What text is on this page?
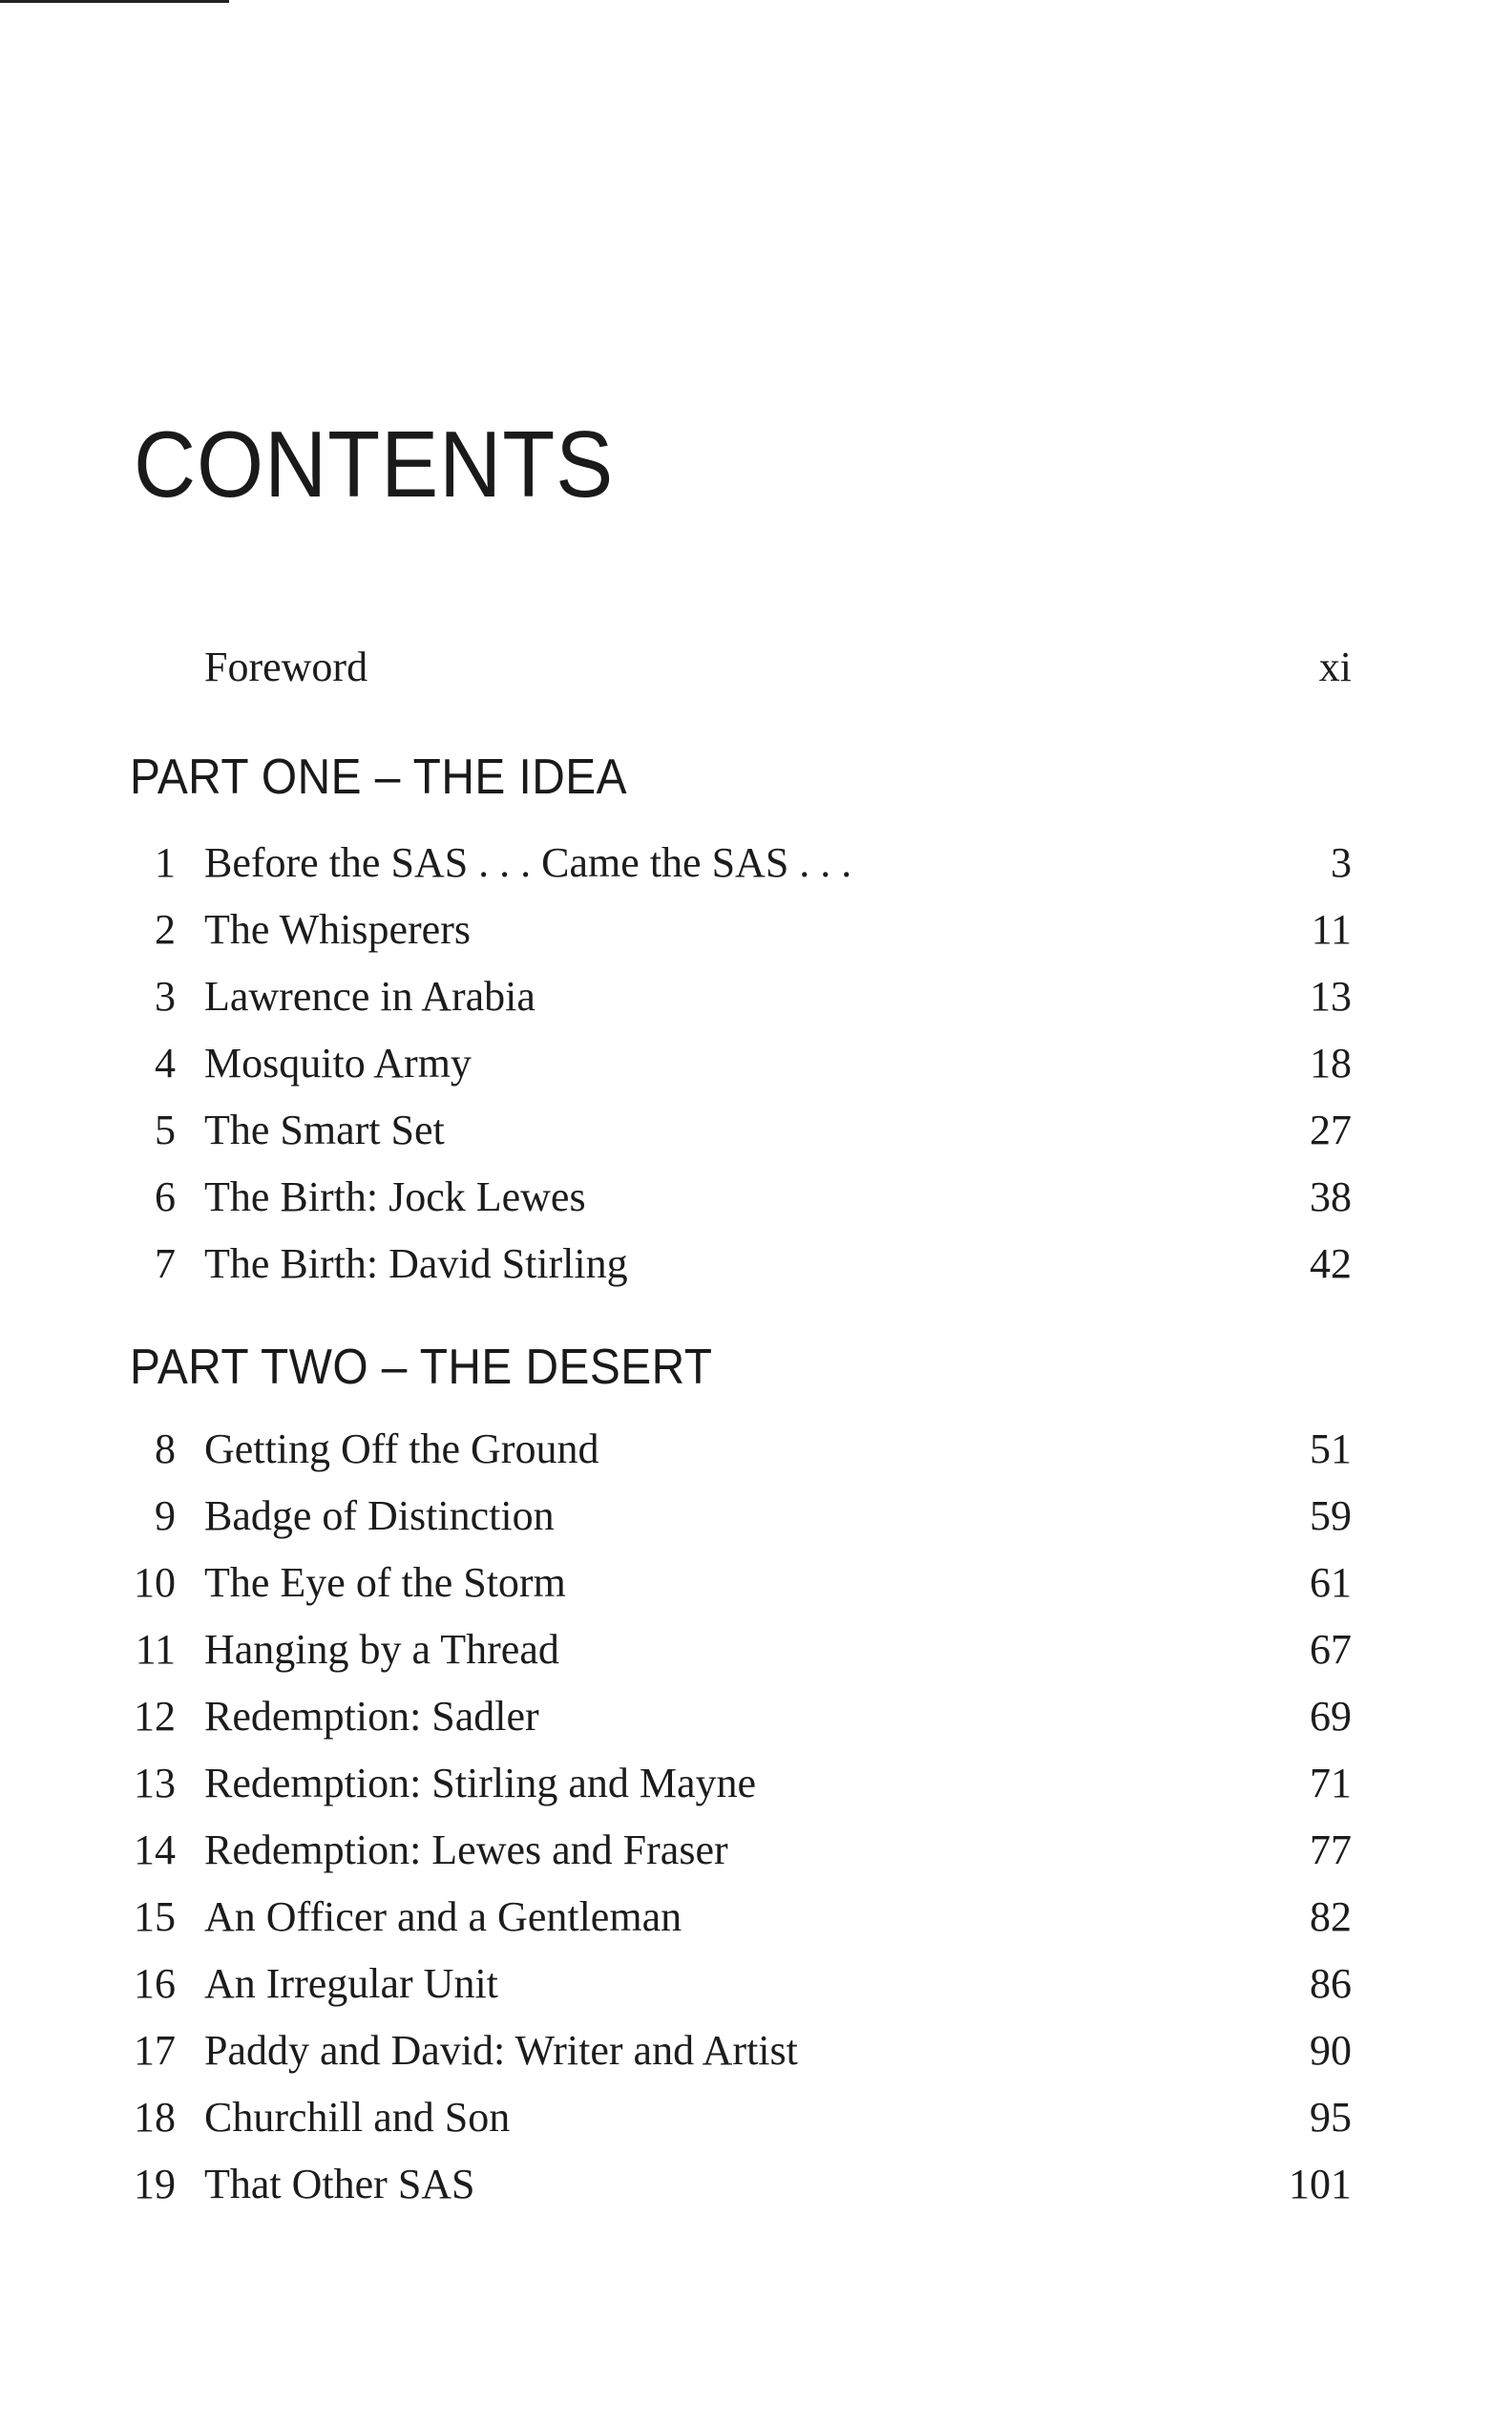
CONTENTS
Foreword	xi
PART ONE – THE IDEA
1 Before the SAS . . . Came the SAS . . .	3
2 The Whisperers	11
3 Lawrence in Arabia	13
4 Mosquito Army	18
5 The Smart Set	27
6 The Birth: Jock Lewes	38
7 The Birth: David Stirling	42
PART TWO – THE DESERT
8 Getting Off the Ground	51
9 Badge of Distinction	59
10 The Eye of the Storm	61
11 Hanging by a Thread	67
12 Redemption: Sadler	69
13 Redemption: Stirling and Mayne	71
14 Redemption: Lewes and Fraser	77
15 An Officer and a Gentleman	82
16 An Irregular Unit	86
17 Paddy and David: Writer and Artist	90
18 Churchill and Son	95
19 That Other SAS	101
